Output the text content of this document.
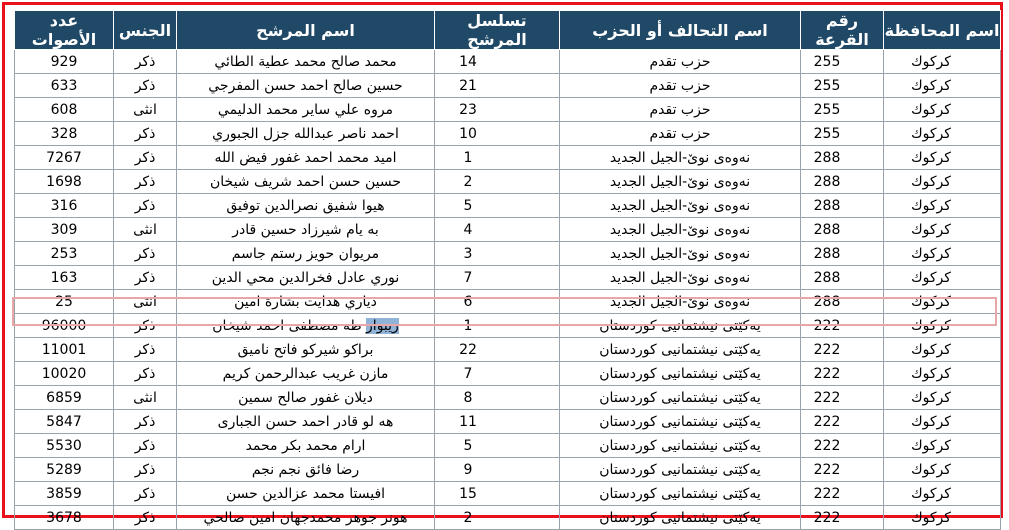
اسم المحافظة	رقم القرعة	اسم التحالف أو الحزب	تسلسل المرشح	اسم المرشح	الجنس	عدد الأصوات
كركوك	255	حزب تقدم	14	محمد صالح محمد عطية الطائي	ذكر	929
كركوك	255	حزب تقدم	21	حسين صالح احمد حسن المفرجي	ذكر	633
كركوك	255	حزب تقدم	23	مروه علي ساير محمد الدليمي	انثى	608
كركوك	255	حزب تقدم	10	احمد ناصر عبدالله جزل الجبوري	ذكر	328
كركوك	288	نەوەی نوێ-الجيل الجديد	1	اميد محمد احمد غفور فيض الله	ذكر	7267
كركوك	288	نەوەی نوێ-الجيل الجديد	2	حسين حسن احمد شريف شيخان	ذكر	1698
كركوك	288	نەوەی نوێ-الجيل الجديد	5	هيوا شفيق نصرالدين توفيق	ذكر	316
كركوك	288	نەوەی نوێ-الجيل الجديد	4	به يام شيرزاد حسين قادر	انثى	309
كركوك	288	نەوەی نوێ-الجيل الجديد	3	مريوان حويز رستم جاسم	ذكر	253
كركوك	288	نەوەی نوێ-الجيل الجديد	7	نوري عادل فخرالدين محي الدين	ذكر	163
كركوك	288	نەوەی نوێ-الجيل الجديد	6	دياري هدايت بشارة امين	انثى	25
كركوك	222	يەکێتی نیشتمانیی کوردستان	1	ريبوار طه مصطفى احمد شيخان	ذكر	96000
كركوك	222	يەکێتی نیشتمانیی کوردستان	22	براكو شيركو فاتح ناميق	ذكر	11001
كركوك	222	يەکێتی نیشتمانیی کوردستان	7	مازن غريب عبدالرحمن كريم	ذكر	10020
كركوك	222	يەکێتی نیشتمانیی کوردستان	8	ديلان غفور صالح سمين	انثى	6859
كركوك	222	يەکێتی نیشتمانیی کوردستان	11	هه لو قادر احمد حسن الجبارى	ذكر	5847
كركوك	222	يەکێتی نیشتمانیی کوردستان	5	ارام محمد بكر محمد	ذكر	5530
كركوك	222	يەکێتی نیشتمانیی کوردستان	9	رضا فائق نجم نجم	ذكر	5289
كركوك	222	يەکێتی نیشتمانیی کوردستان	15	افيستا محمد عزالدين حسن	ذكر	3859
كركوك	222	يەکێتی نیشتمانیی کوردستان	2	هونر جوهر محمدجهان امين صالحي	ذكر	3678
